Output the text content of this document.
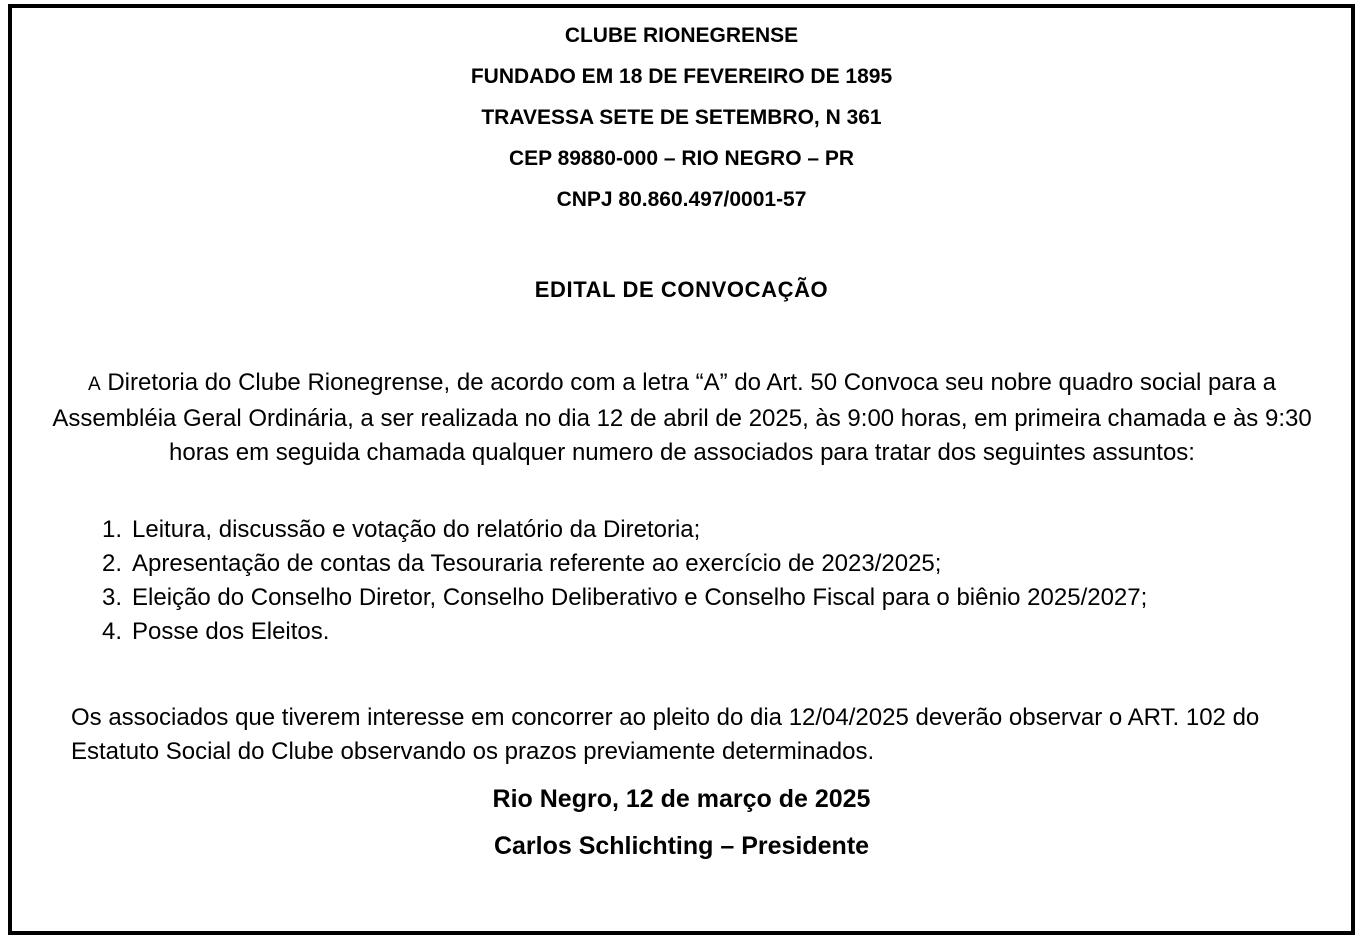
CLUBE RIONEGRENSE
FUNDADO EM 18 DE FEVEREIRO DE 1895
TRAVESSA SETE DE SETEMBRO, N 361
CEP 89880-000 – RIO NEGRO – PR
CNPJ 80.860.497/0001-57
EDITAL DE CONVOCAÇÃO
A Diretoria do Clube Rionegrense, de acordo com a letra “A” do Art. 50 Convoca seu nobre quadro social para a Assembléia Geral Ordinária, a ser realizada no dia 12 de abril de 2025, às 9:00 horas, em primeira chamada e às 9:30 horas em seguida chamada qualquer numero de associados para tratar dos seguintes assuntos:
1. Leitura, discussão e votação do relatório da Diretoria;
2. Apresentação de contas da Tesouraria referente ao exercício de 2023/2025;
3. Eleição do Conselho Diretor, Conselho Deliberativo e Conselho Fiscal para o biênio 2025/2027;
4. Posse dos Eleitos.
Os associados que tiverem interesse em concorrer ao pleito do dia 12/04/2025 deverão observar o ART. 102 do Estatuto Social do Clube observando os prazos previamente determinados.
Rio Negro, 12 de março de 2025
Carlos Schlichting – Presidente
